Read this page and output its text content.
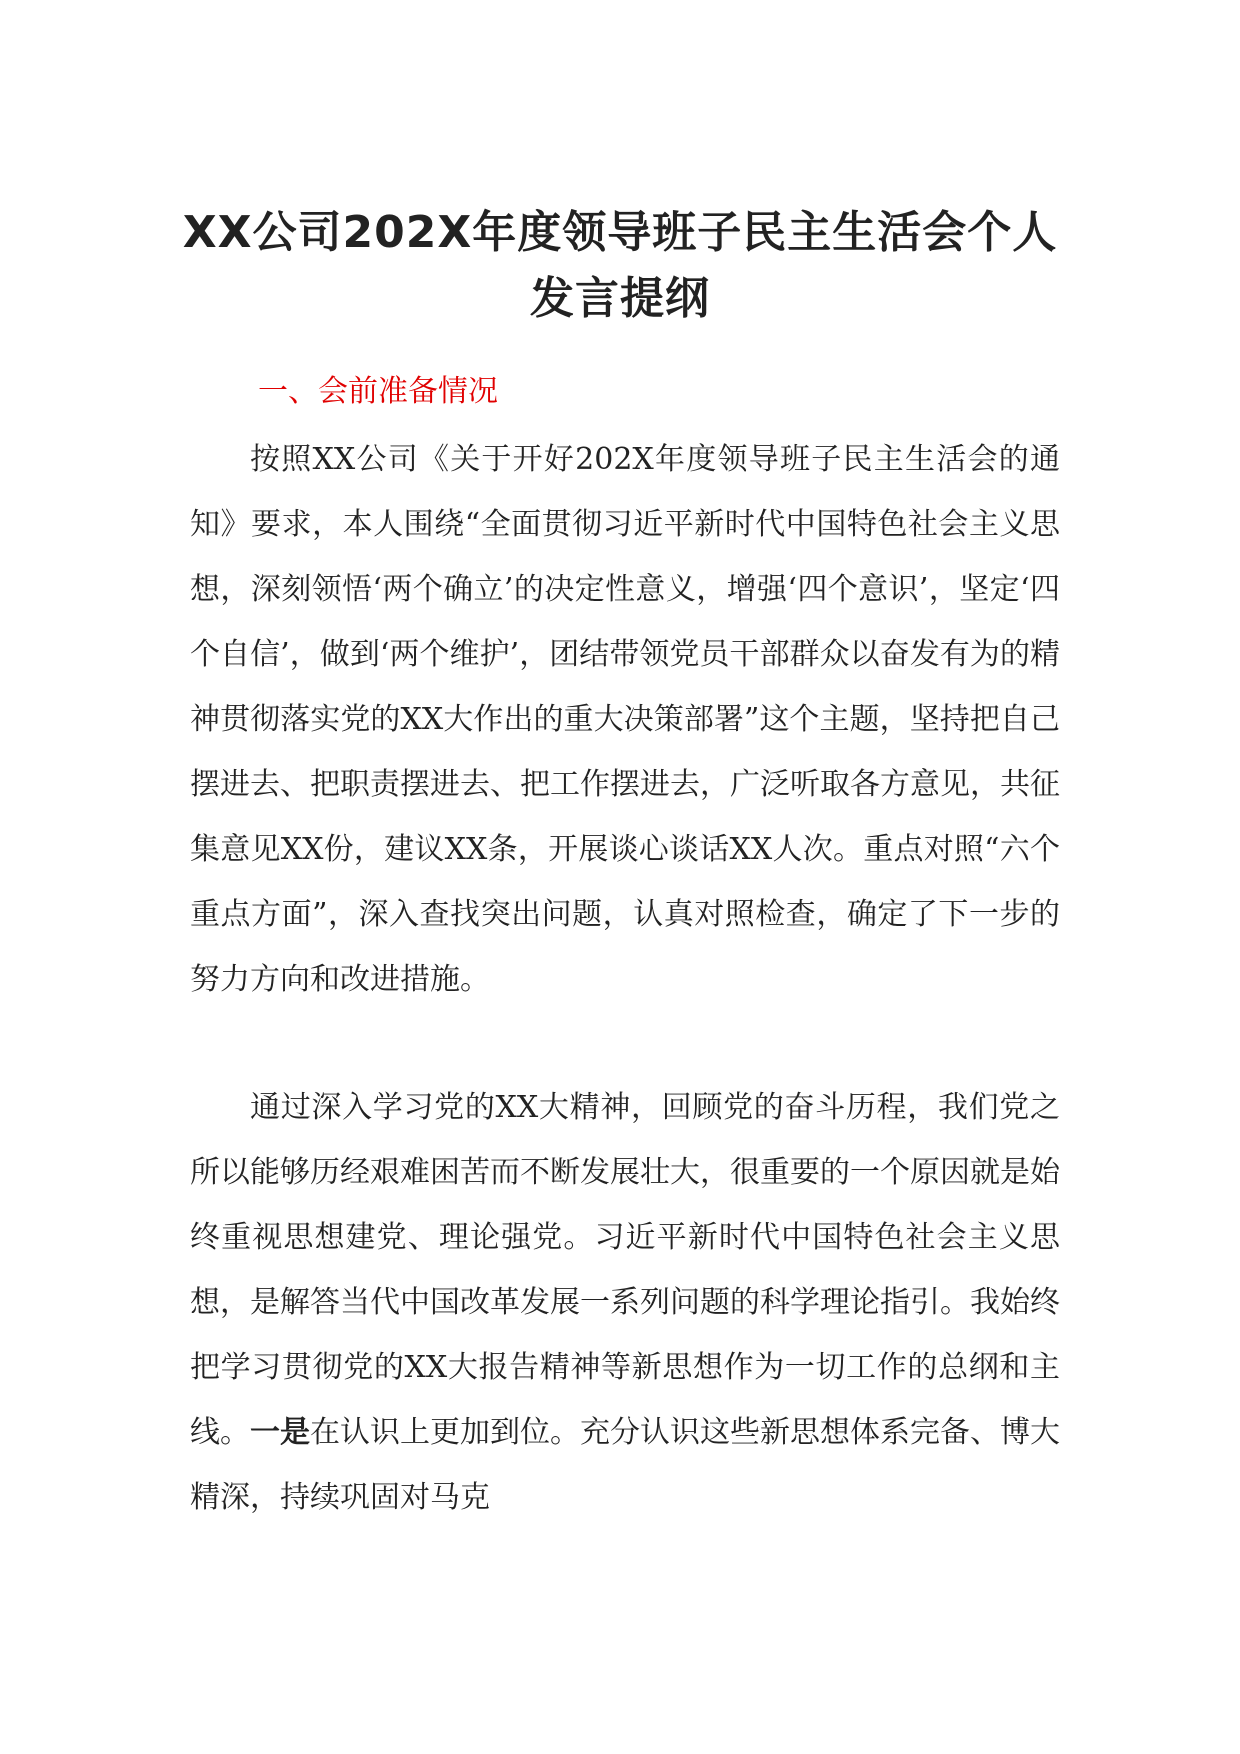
XX公司202X年度领导班子民主生活会个人发言提纲
一、会前准备情况

按照XX公司《关于开好202X年度领导班子民主生活会的通知》要求，本人围绕“全面贯彻习近平新时代中国特色社会主义思想，深刻领悟‘两个确立’的决定性意义，增强‘四个意识’，坚定‘四个自信’，做到‘两个维护’，团结带领党员干部群众以奋发有为的精神贯彻落实党的XX大作出的重大决策部署”这个主题，坚持把自己摆进去、把职责摆进去、把工作摆进去，广泛听取各方意见，共征集意见XX份，建议XX条，开展谈心谈话XX人次。重点对照“六个重点方面”，深入查找突出问题，认真对照检查，确定了下一步的努力方向和改进措施。

通过深入学习党的XX大精神，回顾党的奋斗历程，我们党之所以能够历经艰难困苦而不断发展壮大，很重要的一个原因就是始终重视思想建党、理论强党。习近平新时代中国特色社会主义思想，是解答当代中国改革发展一系列问题的科学理论指引。我始终把学习贯彻党的XX大报告精神等新思想作为一切工作的总纲和主线。一是在认识上更加到位。充分认识这些新思想体系完备、博大精深，持续巩固对马克
